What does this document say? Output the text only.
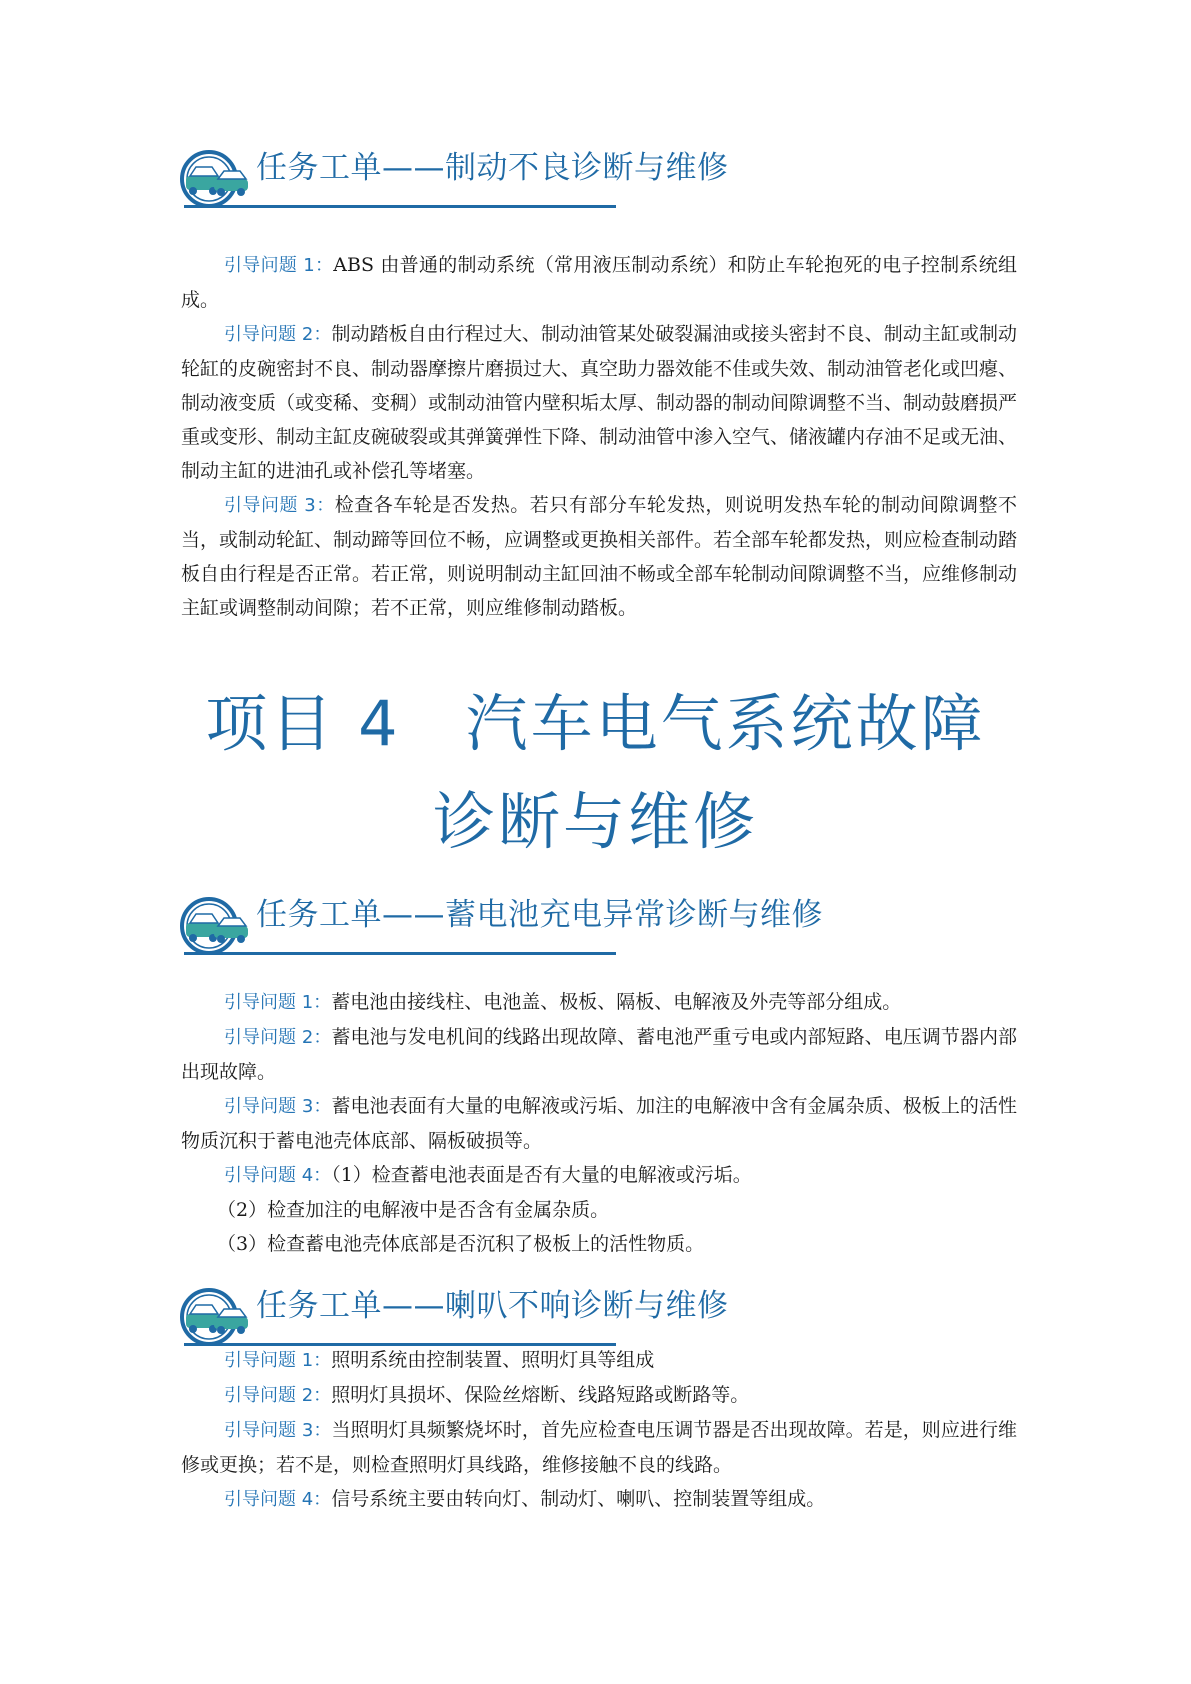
任务工单——制动不良诊断与维修

引导问题 1：ABS 由普通的制动系统（常用液压制动系统）和防止车轮抱死的电子控制系统组成。

引导问题 2：制动踏板自由行程过大、制动油管某处破裂漏油或接头密封不良、制动主缸或制动轮缸的皮碗密封不良、制动器摩擦片磨损过大、真空助力器效能不佳或失效、制动油管老化或凹瘪、制动液变质（或变稀、变稠）或制动油管内壁积垢太厚、制动器的制动间隙调整不当、制动鼓磨损严重或变形、制动主缸皮碗破裂或其弹簧弹性下降、制动油管中渗入空气、储液罐内存油不足或无油、制动主缸的进油孔或补偿孔等堵塞。

引导问题 3：检查各车轮是否发热。若只有部分车轮发热，则说明发热车轮的制动间隙调整不当，或制动轮缸、制动蹄等回位不畅，应调整或更换相关部件。若全部车轮都发热，则应检查制动踏板自由行程是否正常。若正常，则说明制动主缸回油不畅或全部车轮制动间隙调整不当，应维修制动主缸或调整制动间隙；若不正常，则应维修制动踏板。

项目 4　汽车电气系统故障
诊断与维修
任务工单——蓄电池充电异常诊断与维修

引导问题 1：蓄电池由接线柱、电池盖、极板、隔板、电解液及外壳等部分组成。

引导问题 2：蓄电池与发电机间的线路出现故障、蓄电池严重亏电或内部短路、电压调节器内部出现故障。

引导问题 3：蓄电池表面有大量的电解液或污垢、加注的电解液中含有金属杂质、极板上的活性物质沉积于蓄电池壳体底部、隔板破损等。

引导问题 4：（1）检查蓄电池表面是否有大量的电解液或污垢。

（2）检查加注的电解液中是否含有金属杂质。

（3）检查蓄电池壳体底部是否沉积了极板上的活性物质。

任务工单——喇叭不响诊断与维修

引导问题 1：照明系统由控制装置、照明灯具等组成

引导问题 2：照明灯具损坏、保险丝熔断、线路短路或断路等。

引导问题 3：当照明灯具频繁烧坏时，首先应检查电压调节器是否出现故障。若是，则应进行维修或更换；若不是，则检查照明灯具线路，维修接触不良的线路。

引导问题 4：信号系统主要由转向灯、制动灯、喇叭、控制装置等组成。
